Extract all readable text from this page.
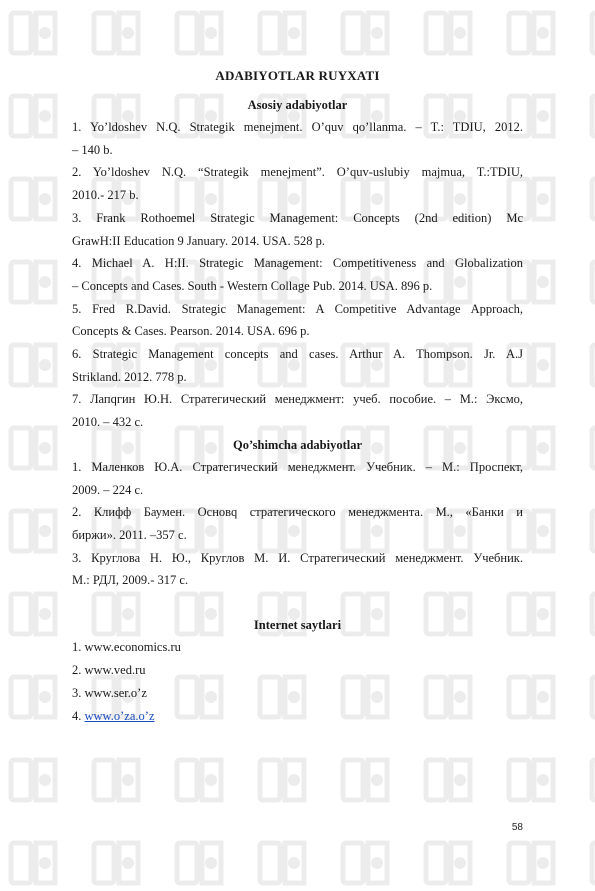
ADABIYOTLAR RUYXATI
Asosiy adabiyotlar

1. Yo’ldoshev N.Q. Strategik menejment. O’quv qo’llanma. – T.: TDIU, 2012.
– 140 b.

2. Yo’ldoshev N.Q. “Strategik menejment”. O’quv-uslubiy majmua, T.:TDIU,
2010.- 217 b.

3. Frank Rothoemel Strategic Management: Concepts (2nd edition) Mc
GrawH:II Education 9 January. 2014. USA. 528 p.

4. Michael A. H:II. Strategic Management: Competitiveness and Globalization
– Concepts and Cases. South - Western Collage Pub. 2014. USA. 896 p.

5. Fred R.David. Strategic Management: A Competitive Advantage Approach,
Concepts & Cases. Pearson. 2014. USA. 696 p.

6. Strategic Management concepts and cases. Arthur A. Thompson. Jr. A.J
Strikland. 2012. 778 p.

7. Лапqгин Ю.Н. Стратегический менеджмент: учеб. пособие. – М.: Эксмо,
2010. – 432 с.

Qo’shimcha adabiyotlar

1. Маленков Ю.А. Стратегический менеджмент. Учебник. – М.: Проспект,
2009. – 224 с.

2. Клифф Баумен. Основq стратегического менеджмента. М., «Банки и
биржи». 2011. –357 с.

3. Круглова Н. Ю., Круглов М. И. Стратегический менеджмент. Учебник.
М.: РДЛ, 2009.- 317 с.

Internet saytlari

1. www.economics.ru

2. www.ved.ru

3. www.ser.o’z

4. www.o’za.o’z

58
